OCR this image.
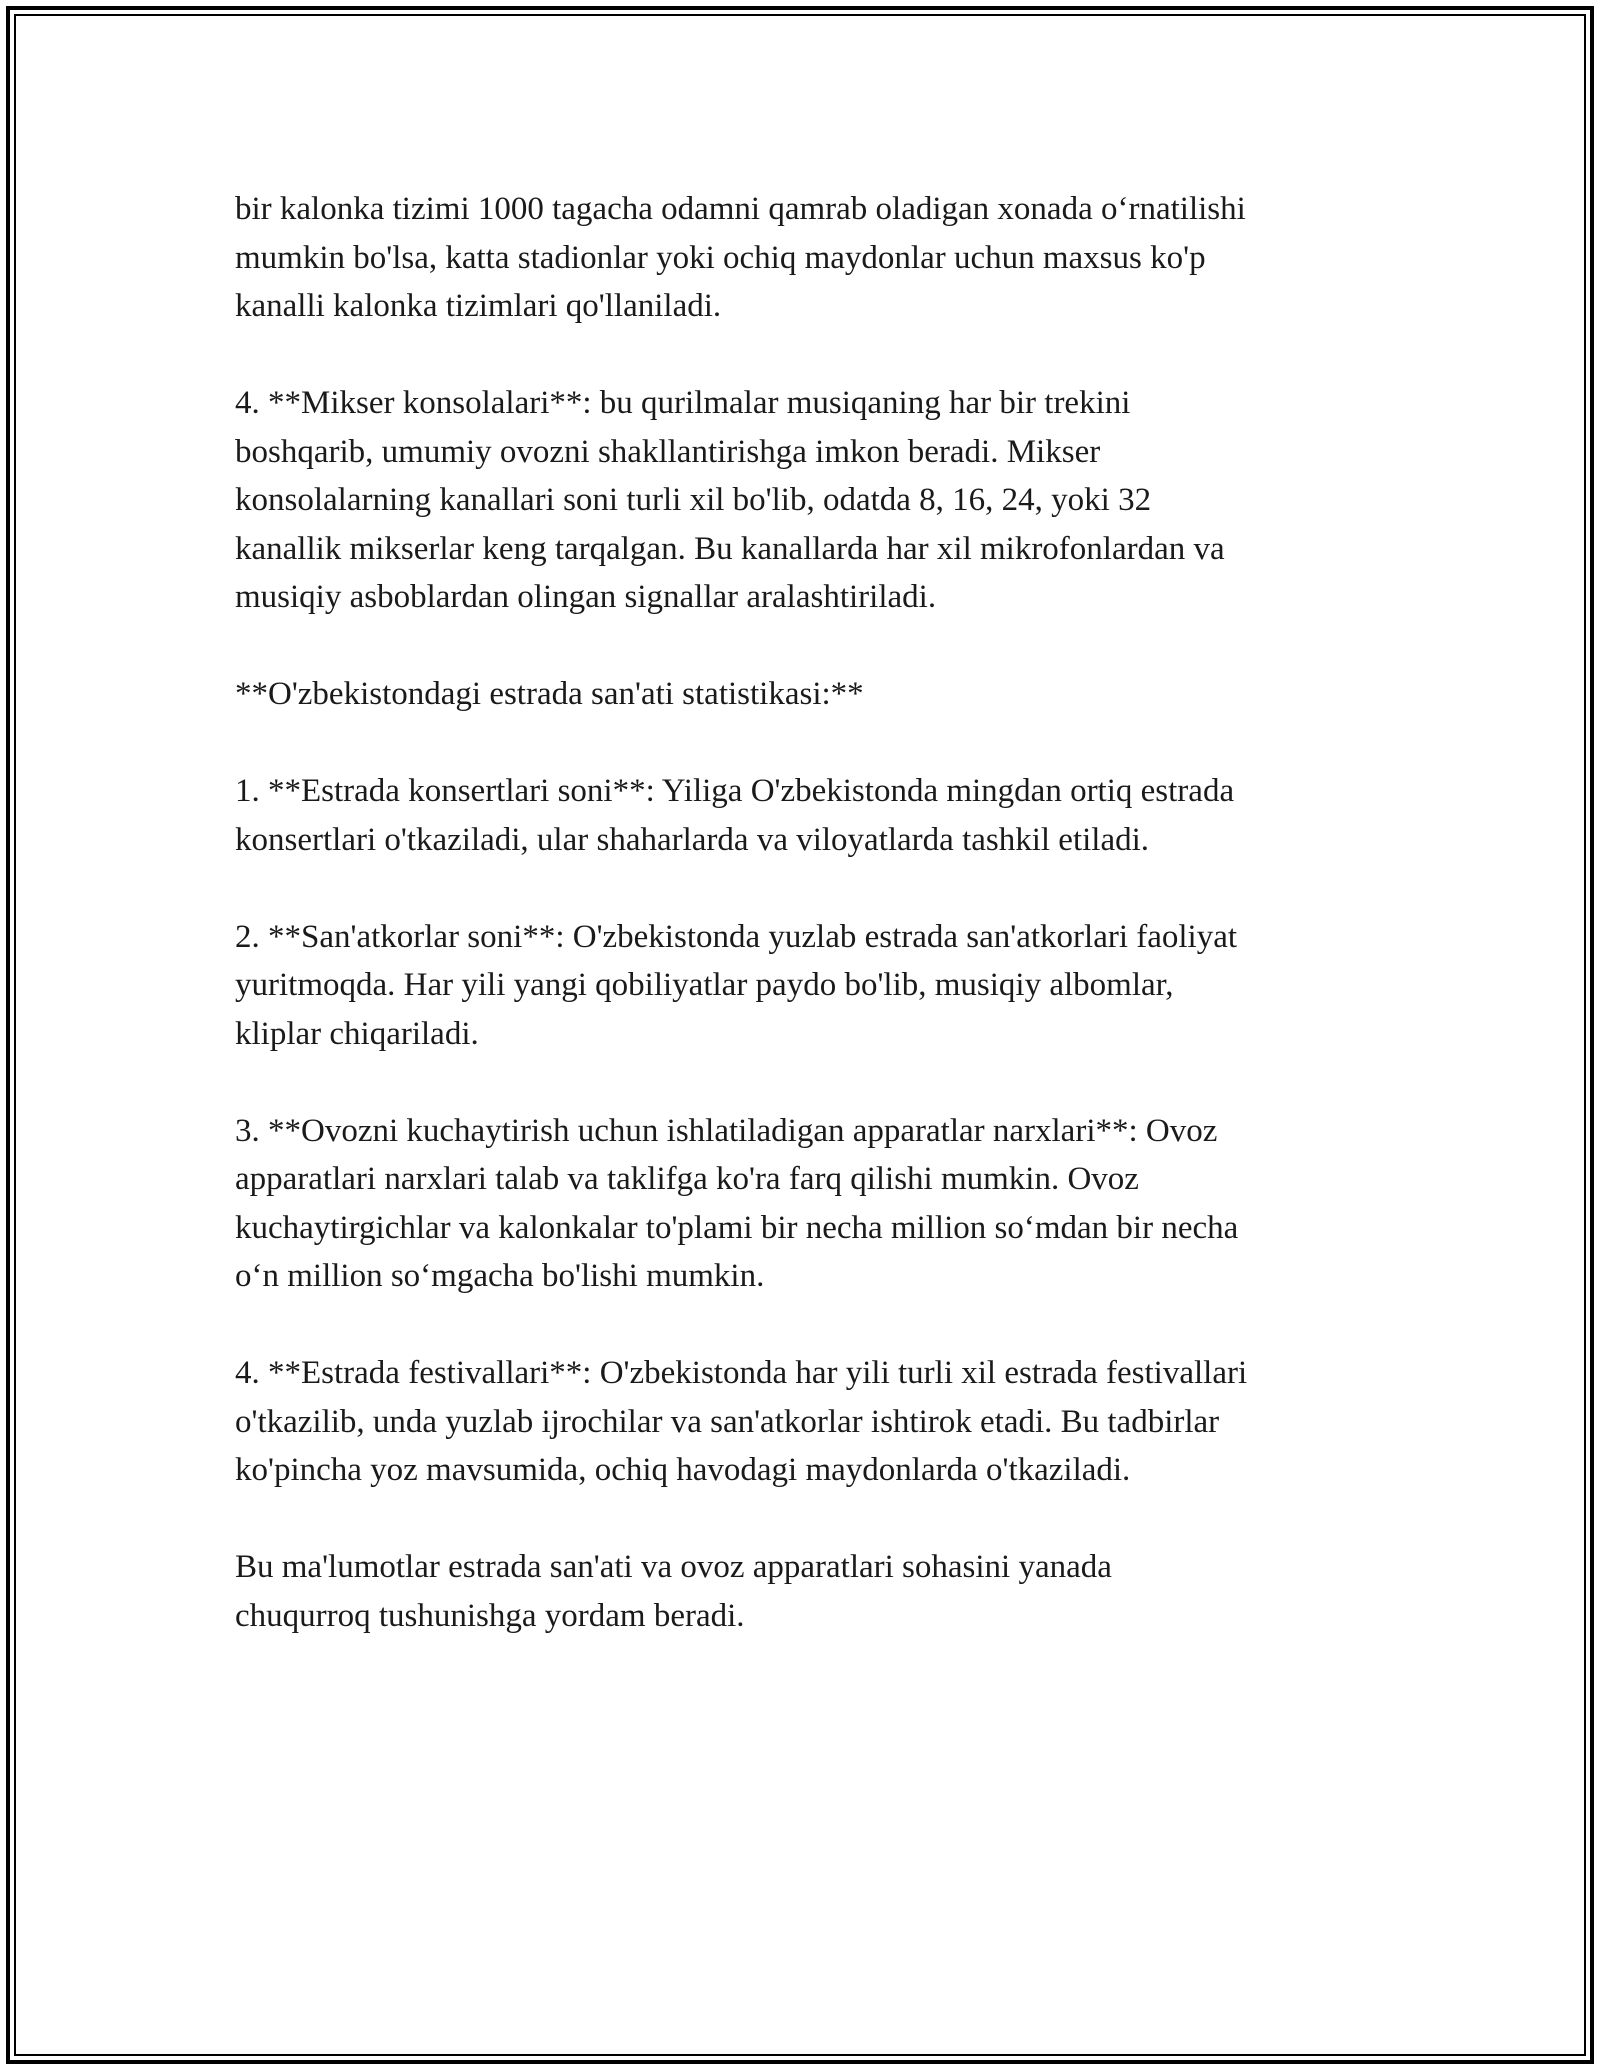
bir kalonka tizimi 1000 tagacha odamni qamrab oladigan xonada o‘rnatilishi
mumkin bo'lsa, katta stadionlar yoki ochiq maydonlar uchun maxsus ko'p
kanalli kalonka tizimlari qo'llaniladi.

4. **Mikser konsolalari**: bu qurilmalar musiqaning har bir trekini
boshqarib, umumiy ovozni shakllantirishga imkon beradi. Mikser
konsolalarning kanallari soni turli xil bo'lib, odatda 8, 16, 24, yoki 32
kanallik mikserlar keng tarqalgan. Bu kanallarda har xil mikrofonlardan va
musiqiy asboblardan olingan signallar aralashtiriladi.

**O'zbekistondagi estrada san'ati statistikasi:**

1. **Estrada konsertlari soni**: Yiliga O'zbekistonda mingdan ortiq estrada
konsertlari o'tkaziladi, ular shaharlarda va viloyatlarda tashkil etiladi.

2. **San'atkorlar soni**: O'zbekistonda yuzlab estrada san'atkorlari faoliyat
yuritmoqda. Har yili yangi qobiliyatlar paydo bo'lib, musiqiy albomlar,
kliplar chiqariladi.

3. **Ovozni kuchaytirish uchun ishlatiladigan apparatlar narxlari**: Ovoz
apparatlari narxlari talab va taklifga ko'ra farq qilishi mumkin. Ovoz
kuchaytirgichlar va kalonkalar to'plami bir necha million so‘mdan bir necha
o‘n million so‘mgacha bo'lishi mumkin.

4. **Estrada festivallari**: O'zbekistonda har yili turli xil estrada festivallari
o'tkazilib, unda yuzlab ijrochilar va san'atkorlar ishtirok etadi. Bu tadbirlar
ko'pincha yoz mavsumida, ochiq havodagi maydonlarda o'tkaziladi.

Bu ma'lumotlar estrada san'ati va ovoz apparatlari sohasini yanada
chuqurroq tushunishga yordam beradi.
